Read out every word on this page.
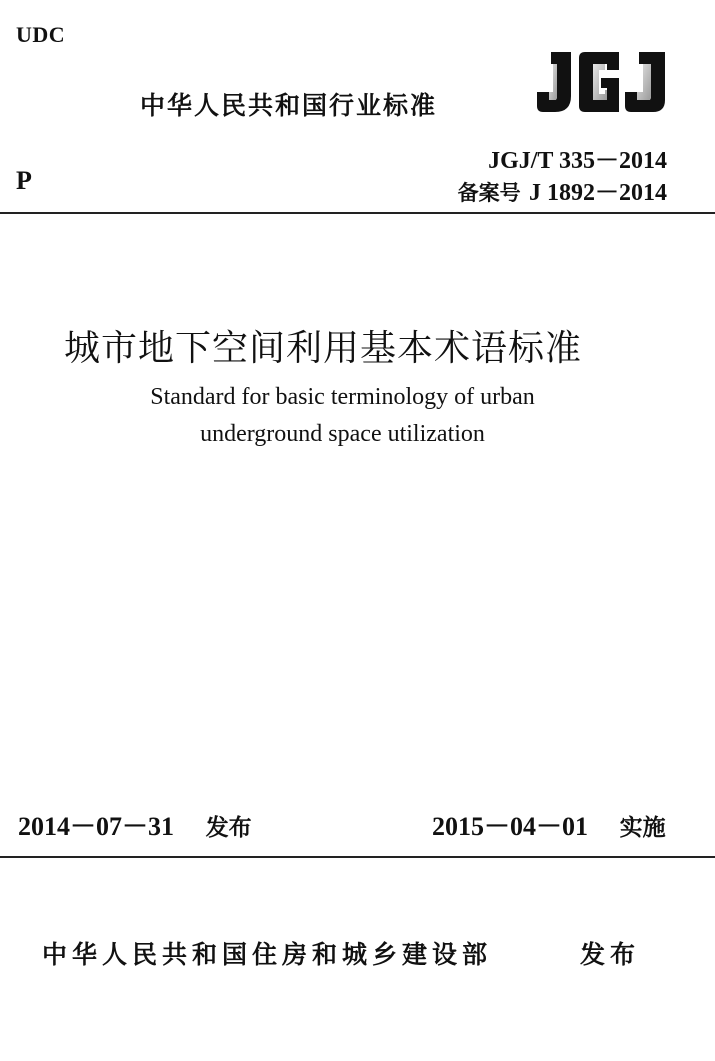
UDC
中华人民共和国行业标准
P
JGJ/T 335－2014
备案号 J 1892－2014
城市地下空间利用基本术语标准
Standard for basic terminology of urban
underground space utilization
2014－07－31 发布	2015－04－01 实施
中华人民共和国住房和城乡建设部	发布
